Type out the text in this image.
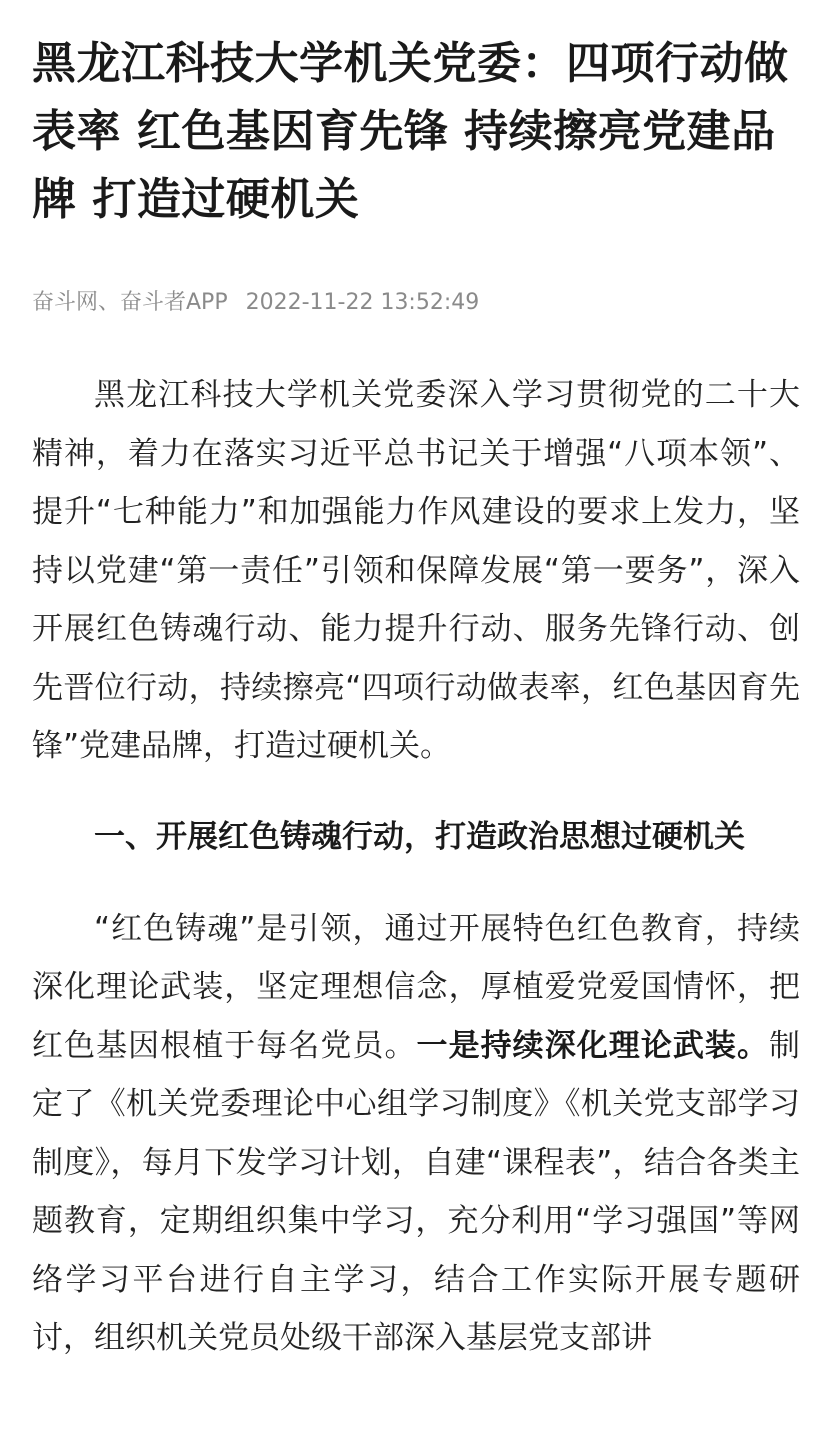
黑龙江科技大学机关党委：四项行动做表率 红色基因育先锋 持续擦亮党建品牌 打造过硬机关
奋斗网、奋斗者APP 2022-11-22 13:52:49

黑龙江科技大学机关党委深入学习贯彻党的二十大精神，着力在落实习近平总书记关于增强“八项本领”、提升“七种能力”和加强能力作风建设的要求上发力，坚持以党建“第一责任”引领和保障发展“第一要务”，深入开展红色铸魂行动、能力提升行动、服务先锋行动、创先晋位行动，持续擦亮“四项行动做表率，红色基因育先锋”党建品牌，打造过硬机关。

一、开展红色铸魂行动，打造政治思想过硬机关

“红色铸魂”是引领，通过开展特色红色教育，持续深化理论武装，坚定理想信念，厚植爱党爱国情怀，把红色基因根植于每名党员。一是持续深化理论武装。制定了《机关党委理论中心组学习制度》《机关党支部学习制度》，每月下发学习计划，自建“课程表”，结合各类主题教育，定期组织集中学习，充分利用“学习强国”等网络学习平台进行自主学习，结合工作实际开展专题研讨，组织机关党员处级干部深入基层党支部讲
